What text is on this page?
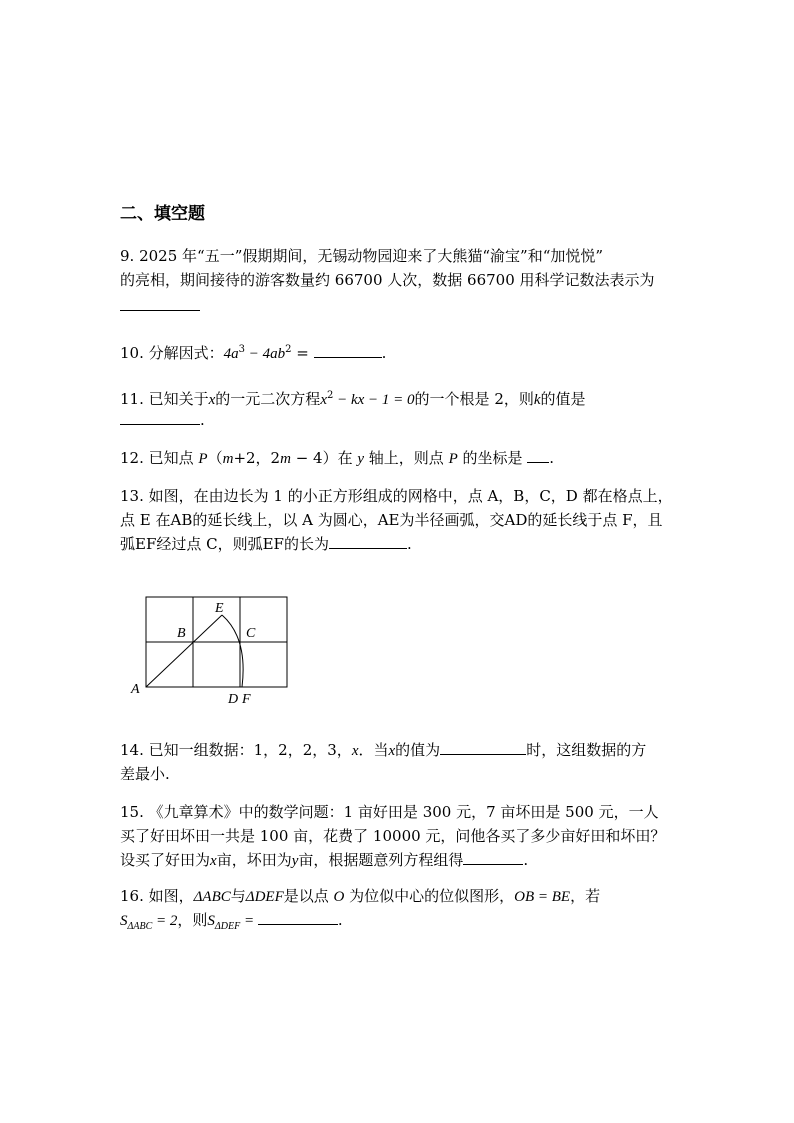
二、填空题
9. 2025 年“五一”假期期间，无锡动物园迎来了大熊猫“渝宝”和“加悦悦”
的亮相，期间接待的游客数量约 66700 人次，数据 66700 用科学记数法表示为
10. 分解因式：$4a^3 - 4ab^2$ =	.
11. 已知关于x的一元二次方程$x^2$ − kx − 1 = 0的一个根是 2，则k的值是
.
12. 已知点 P（m+2，2m − 4）在 y 轴上，则点 P 的坐标是 .
13. 如图，在由边长为 1 的小正方形组成的网格中，点 A，B，C，D 都在格点上，
点 E 在AB的延长线上，以 A 为圆心，AE为半径画弧，交AD的延长线于点 F，且
弧EF经过点 C，则弧EF的长为	.
A
B	C
D
E
F
14. 已知一组数据：1，2，2，3，x．当x的值为	时，这组数据的方
差最小.
15. 《九章算术》中的数学问题：1 亩好田是 300 元，7 亩坏田是 500 元，一人
买了好田坏田一共是 100 亩，花费了 10000 元，问他各买了多少亩好田和坏田？
设买了好田为x亩，坏田为y亩，根据题意列方程组得	.
16. 如图，ΔABC与ΔDEF是以点 O 为位似中心的位似图形，OB = BE，若
$S_{\Delta ABC} = 2$，则$S_{\Delta DEF}$ =	.
